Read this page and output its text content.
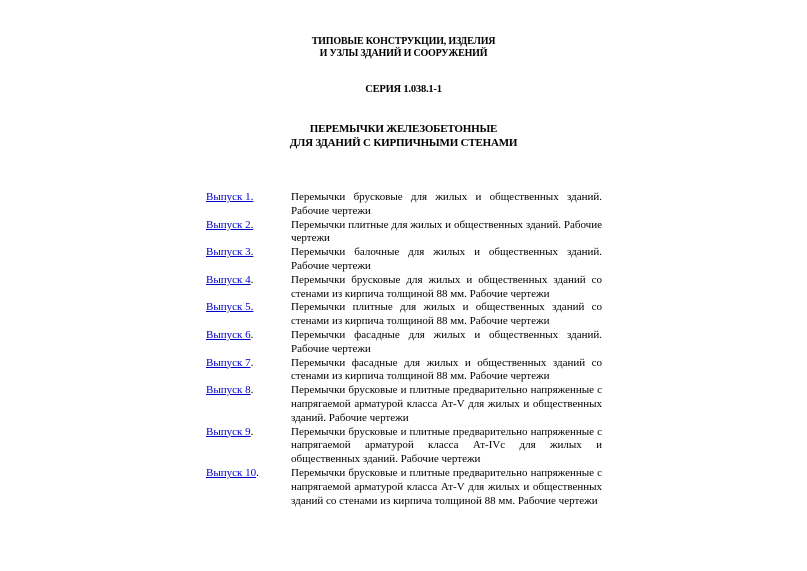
ТИПОВЫЕ КОНСТРУКЦИИ, ИЗДЕЛИЯ
И УЗЛЫ ЗДАНИЙ И СООРУЖЕНИЙ
СЕРИЯ 1.038.1-1
ПЕРЕМЫЧКИ ЖЕЛЕЗОБЕТОННЫЕ
ДЛЯ ЗДАНИЙ С КИРПИЧНЫМИ СТЕНАМИ
Выпуск 1.	Перемычки брусковые для жилых и общественных зданий. Рабочие чертежи
Выпуск 2.	Перемычки плитные для жилых и общественных зданий. Рабочие чертежи
Выпуск 3.	Перемычки балочные для жилых и общественных зданий. Рабочие чертежи
Выпуск 4.	Перемычки брусковые для жилых и общественных зданий со стенами из кирпича толщиной 88 мм. Рабочие чертежи
Выпуск 5.	Перемычки плитные для жилых и общественных зданий со стенами из кирпича толщиной 88 мм. Рабочие чертежи
Выпуск 6.	Перемычки фасадные для жилых и общественных зданий. Рабочие чертежи
Выпуск 7.	Перемычки фасадные для жилых и общественных зданий со стенами из кирпича толщиной 88 мм. Рабочие чертежи
Выпуск 8.	Перемычки брусковые и плитные предварительно напряженные с напрягаемой арматурой класса Ат-V для жилых и общественных зданий. Рабочие чертежи
Выпуск 9.	Перемычки брусковые и плитные предварительно напряженные с напрягаемой арматурой класса Ат-IVс для жилых и общественных зданий. Рабочие чертежи
Выпуск 10.	Перемычки брусковые и плитные предварительно напряженные с напрягаемой арматурой класса Ат-V для жилых и общественных зданий со стенами из кирпича толщиной 88 мм. Рабочие чертежи
